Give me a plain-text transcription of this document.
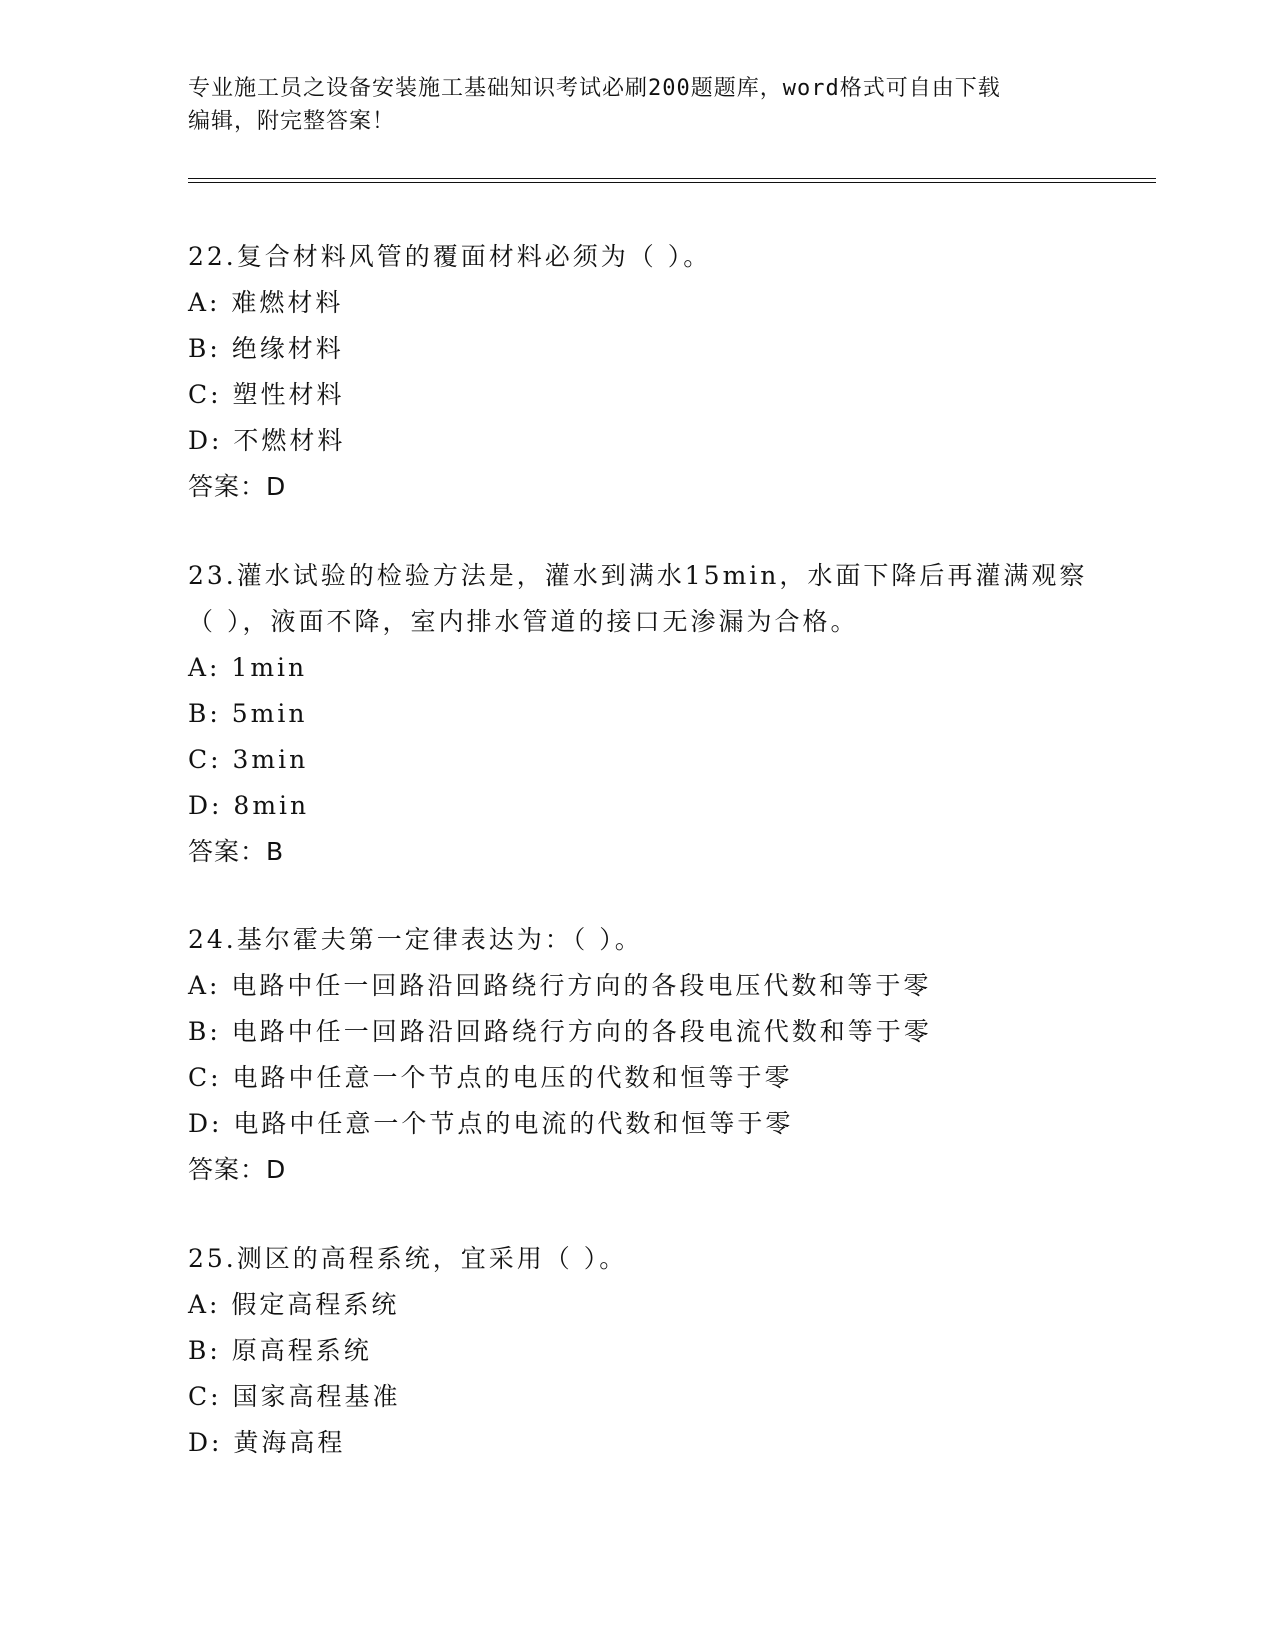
专业施工员之设备安装施工基础知识考试必刷200题题库，word格式可自由下载
编辑，附完整答案！
22.复合材料风管的覆面材料必须为（ ）。
A: 难燃材料
B: 绝缘材料
C: 塑性材料
D: 不燃材料
答案：D
23.灌水试验的检验方法是，灌水到满水15min，水面下降后再灌满观察（ ），液面不降，室内排水管道的接口无渗漏为合格。
A: 1min
B: 5min
C: 3min
D: 8min
答案：B
24.基尔霍夫第一定律表达为：（ ）。
A: 电路中任一回路沿回路绕行方向的各段电压代数和等于零
B: 电路中任一回路沿回路绕行方向的各段电流代数和等于零
C: 电路中任意一个节点的电压的代数和恒等于零
D: 电路中任意一个节点的电流的代数和恒等于零
答案：D
25.测区的高程系统，宜采用（ ）。
A: 假定高程系统
B: 原高程系统
C: 国家高程基准
D: 黄海高程
